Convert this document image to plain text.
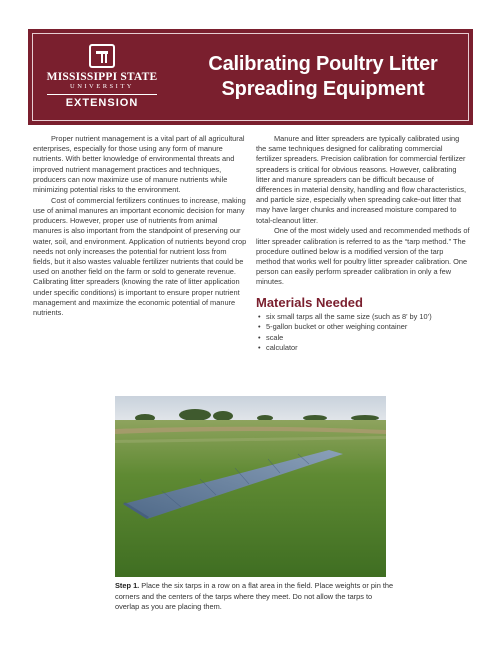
MISSISSIPPI STATE
UNIVERSITY
EXTENSION
Calibrating Poultry Litter
Spreading Equipment

Proper nutrient management is a vital part of all agricultural enterprises, especially for those using any form of manure nutrients. With better knowledge of environmental threats and improved nutrient management practices and techniques, producers can now maximize use of manure nutrients while minimizing potential risks to the environment.

Cost of commercial fertilizers continues to increase, making use of animal manures an important economic decision for many producers. However, proper use of nutrients from animal manures is also important from the standpoint of preserving our water, soil, and environment. Application of nutrients beyond crop needs not only increases the potential for nutrient loss from fields, but it also wastes valuable fertilizer nutrients that could be used on another field on the farm or sold to generate revenue. Calibrating litter spreaders (knowing the rate of litter application under specific conditions) is important to ensure proper nutrient management and maximize the economic potential of manure nutrients.

Manure and litter spreaders are typically calibrated using the same techniques designed for calibrating commercial fertilizer spreaders. Precision calibration for commercial fertilizer spreaders is critical for obvious reasons. However, calibrating litter and manure spreaders can be difficult because of differences in material density, handling and flow characteristics, and particle size, especially when spreading cake-out litter that may have larger chunks and increased moisture compared to total-cleanout litter.

One of the most widely used and recommended methods of litter spreader calibration is referred to as the “tarp method.” The procedure outlined below is a modified version of the tarp method that works well for poultry litter spreader calibration. One person can easily perform spreader calibration in only a few minutes.

Materials Needed
• six small tarps all the same size (such as 8’ by 10’)
• 5-gallon bucket or other weighing container
• scale
• calculator
Step 1. Place the six tarps in a row on a flat area in the field. Place weights or pin the corners and the centers of the tarps where they meet. Do not allow the tarps to overlap as you are placing them.
